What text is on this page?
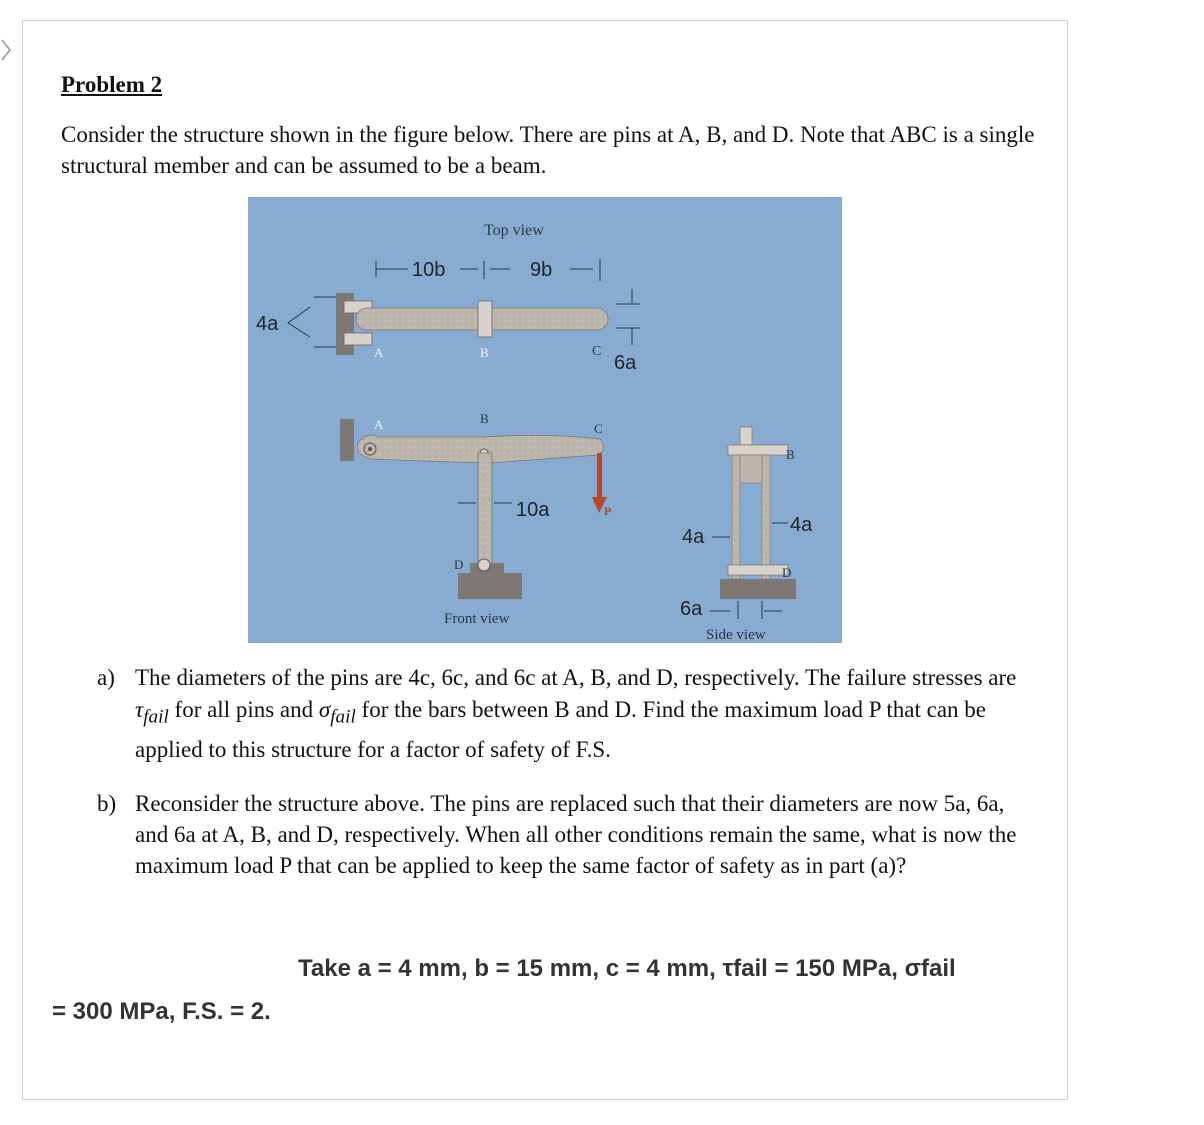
Problem 2
Consider the structure shown in the figure below. There are pins at A, B, and D. Note that ABC is a single structural member and can be assumed to be a beam.
Top view
10b	9b
4a
6a
A	B	C
A	B
C
D
P
10a
Front view
B
D
4a
4a
6a
Side view
a) The diameters of the pins are 4c, 6c, and 6c at A, B, and D, respectively. The failure stresses are $\tau_{fail}$ for all pins and $\sigma_{fail}$ for the bars between B and D. Find the maximum load P that can be applied to this structure for a factor of safety of F.S.
b) Reconsider the structure above. The pins are replaced such that their diameters are now 5a, 6a, and 6a at A, B, and D, respectively. When all other conditions remain the same, what is now the maximum load P that can be applied to keep the same factor of safety as in part (a)?
Take a = 4 mm, b = 15 mm, c = 4 mm, τfail = 150 MPa, σfail
= 300 MPa, F.S. = 2.
